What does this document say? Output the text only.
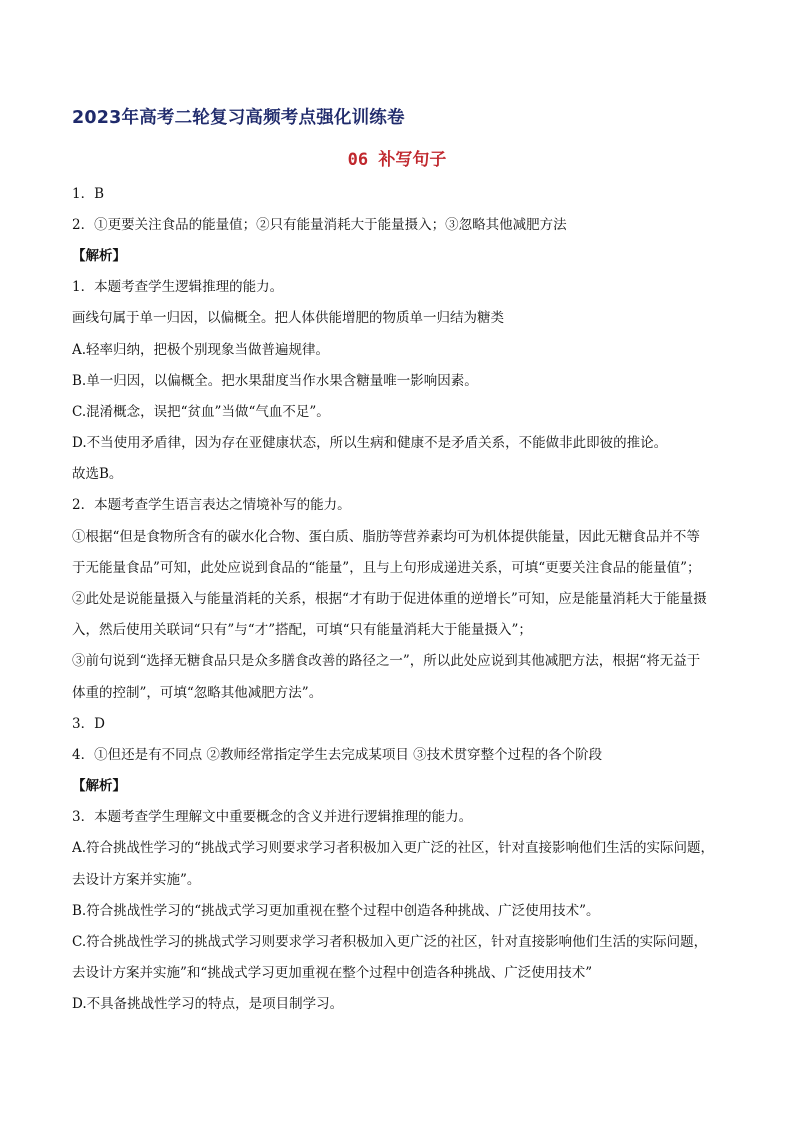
2023年高考二轮复习高频考点强化训练卷
06 补写句子
1．B
2．①更要关注食品的能量值；②只有能量消耗大于能量摄入；③忽略其他减肥方法
【解析】
1．本题考查学生逻辑推理的能力。
画线句属于单一归因，以偏概全。把人体供能增肥的物质单一归结为糖类
A.轻率归纳，把极个别现象当做普遍规律。
B.单一归因，以偏概全。把水果甜度当作水果含糖量唯一影响因素。
C.混淆概念，误把“贫血”当做“气血不足”。
D.不当使用矛盾律，因为存在亚健康状态，所以生病和健康不是矛盾关系，不能做非此即彼的推论。
故选B。
2．本题考查学生语言表达之情境补写的能力。
①根据“但是食物所含有的碳水化合物、蛋白质、脂肪等营养素均可为机体提供能量，因此无糖食品并不等
于无能量食品”可知，此处应说到食品的“能量”，且与上句形成递进关系，可填“更要关注食品的能量值”；
②此处是说能量摄入与能量消耗的关系，根据“才有助于促进体重的逆增长”可知，应是能量消耗大于能量摄
入，然后使用关联词“只有”与“才”搭配，可填“只有能量消耗大于能量摄入”；
③前句说到“选择无糖食品只是众多膳食改善的路径之一”，所以此处应说到其他减肥方法，根据“将无益于
体重的控制”，可填“忽略其他减肥方法”。
3．D
4．①但还是有不同点 ②教师经常指定学生去完成某项目 ③技术贯穿整个过程的各个阶段
【解析】
3．本题考查学生理解文中重要概念的含义并进行逻辑推理的能力。
A.符合挑战性学习的“挑战式学习则要求学习者积极加入更广泛的社区，针对直接影响他们生活的实际问题，
去设计方案并实施”。
B.符合挑战性学习的“挑战式学习更加重视在整个过程中创造各种挑战、广泛使用技术”。
C.符合挑战性学习的挑战式学习则要求学习者积极加入更广泛的社区，针对直接影响他们生活的实际问题，
去设计方案并实施”和“挑战式学习更加重视在整个过程中创造各种挑战、广泛使用技术”
D.不具备挑战性学习的特点，是项目制学习。
